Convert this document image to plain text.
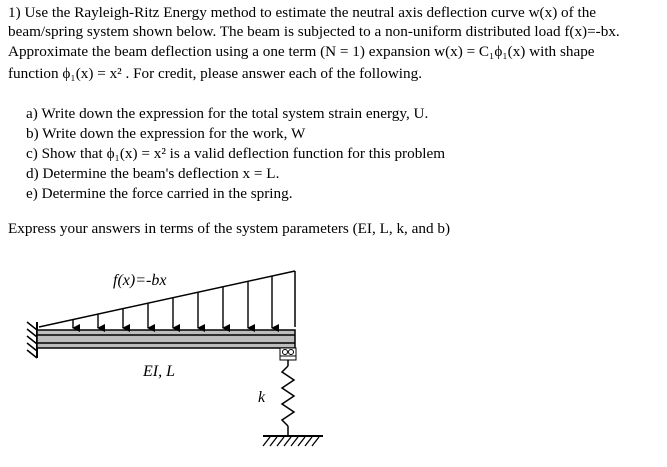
1) Use the Rayleigh-Ritz Energy method to estimate the neutral axis deflection curve w(x) of the
beam/spring system shown below. The beam is subjected to a non-uniform distributed load f(x)=-bx.
Approximate the beam deflection using a one term (N = 1) expansion w(x) = C₁ϕ₁(x) with shape
function ϕ₁(x) = x² . For credit, please answer each of the following.
a) Write down the expression for the total system strain energy, U.
b) Write down the expression for the work, W
c) Show that ϕ₁(x) = x² is a valid deflection function for this problem
d) Determine the beam's deflection x = L.
e) Determine the force carried in the spring.
Express your answers in terms of the system parameters (EI, L, k, and b)
f(x)=-bx
EI, L
k
